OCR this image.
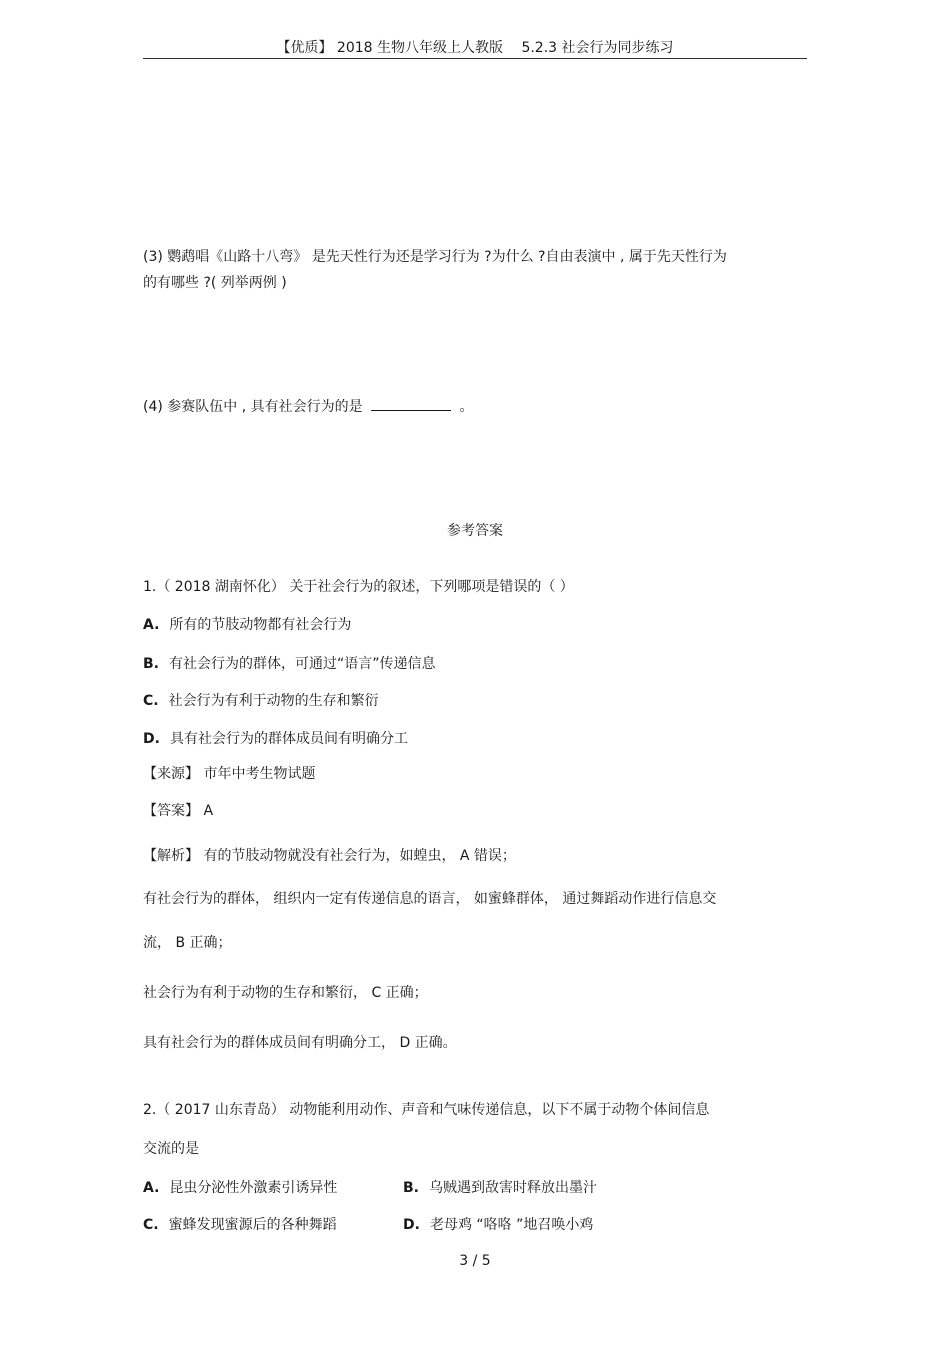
【优质】 2018 生物八年级上人教版　 5.2.3 社会行为同步练习
(3) 鹦鹉唱《山路十八弯》 是先天性行为还是学习行为 ?为什么 ?自由表演中 , 属于先天性行为
的有哪些 ?( 列举两例 )
(4) 参赛队伍中 , 具有社会行为的是	。
参考答案
1.（ 2018 湖南怀化） 关于社会行为的叙述，下列哪项是错误的（ ）
A. 所有的节肢动物都有社会行为
B. 有社会行为的群体，可通过“语言”传递信息
C. 社会行为有利于动物的生存和繁衍
D. 具有社会行为的群体成员间有明确分工
【来源】 市年中考生物试题
【答案】 A
【解析】 有的节肢动物就没有社会行为，如蝗虫， A 错误；
有社会行为的群体， 组织内一定有传递信息的语言， 如蜜蜂群体， 通过舞蹈动作进行信息交
流， B 正确；
社会行为有利于动物的生存和繁衍， C 正确；
具有社会行为的群体成员间有明确分工， D 正确。
2.（ 2017 山东青岛） 动物能利用动作、声音和气味传递信息，以下不属于动物个体间信息
交流的是
A. 昆虫分泌性外激素引诱异性	B. 乌贼遇到敌害时释放出墨汁
C. 蜜蜂发现蜜源后的各种舞蹈	D. 老母鸡 “咯咯 ”地召唤小鸡
3 / 5
